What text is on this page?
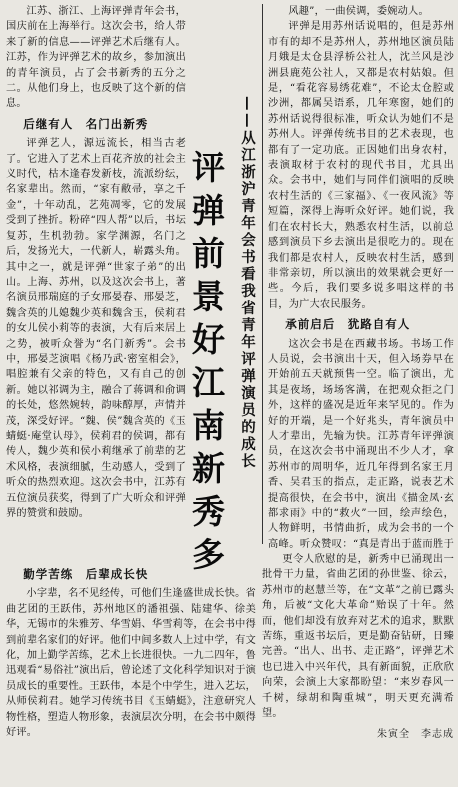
江苏、浙江、上海评弹青年会书，国庆前在上海举行。这次会书，给人带来了新的信息——评弹艺术后继有人。江苏，作为评弹艺术的故乡，参加演出的青年演员，占了会书新秀的五分之二。从他们身上，也反映了这个新的信息。

后继有人　名门出新秀

评弹艺人，源远流长，相当古老了。它进入了艺术上百花齐放的社会主义时代，枯木逢春发新枝，流派纷纭，名家辈出。然而，“家有敝帚，享之千金”，十年动乱，艺苑凋零，它的发展受到了挫折。粉碎“四人帮”以后，书坛复苏，生机勃勃。家学渊源，名门之后，发扬光大，一代新人，崭露头角。其中之一，就是评弹“世家子弟”的出山。上海、苏州，以及这次会书上，著名演员邢瑞庭的子女邢晏春、邢晏芝，魏含英的儿媳魏少英和魏含玉，侯莉君的女儿侯小莉等的表演，大有后来居上之势，被听众誉为“名门新秀”。会书中，邢晏芝演唱《杨乃武·密室相会》，唱腔兼有父亲的特色，又有自己的创新。她以祁调为主，融合了蒋调和俞调的长处，悠然婉转，韵味醇厚，声情并茂，深受好评。“魏、侯”魏含英的《玉蜻蜓·庵堂认母》，侯莉君的侯调，都有传人，魏少英和侯小莉继承了前辈的艺术风格，表演细腻，生动感人，受到了听众的热烈欢迎。这次会书中，江苏有五位演员获奖，得到了广大听众和评弹界的赞赏和鼓励。	评弹前景好江南新秀多 ——从江浙沪青年会书看我省青年评弹演员的成长

风趣”，一曲侯调，委婉动人。

评弹是用苏州话说唱的，但是苏州市有的却不是苏州人，苏州地区演员陆月娥是太仓县浮桥公社人，沈兰风是沙洲县鹿苑公社人，又都是农村姑娘。但是，“看花容易绣花难”，不论太仓腔或沙洲，都属吴语系，几年寒窗，她们的苏州话说得很标准，听众认为她们不是苏州人。评弹传统书目的艺术表现，也都有了一定功底。正因她们出身农村，表演取材于农村的现代书目，尤具出众。会书中，她们与同伴们演唱的反映农村生活的《三家福》、《一夜风流》等短篇，深得上海听众好评。她们说，我们在农村长大，熟悉农村生活，以前总感到演员下乡去演出是很吃力的。现在我们都是农村人，反映农村生活，感到非常亲切，所以演出的效果就会更好一些。今后，我们要多说多唱这样的书目，为广大农民服务。

承前启后　犹路自有人

这次会书是在西藏书场。书场工作人员说，会书演出十天，但入场券早在开始前五天就预售一空。临了演出，尤其是夜场，场场客满，在把观众拒之门外，这样的盛况是近年来罕见的。作为好的开端，是一个好兆头，青年演员中人才辈出，先输为快。江苏青年评弹演员，在这次会书中涌现出不少人才，拿苏州市的周明华，近几年得到名家王月香、吴君玉的指点，走正路，说表艺术提高很快，在会书中，演出《描金凤·玄都求雨》中的“救火”一回，绘声绘色，人物鲜明，书情曲折，成为会书的一个高峰。听众赞叹：“真是青出于蓝而胜于

勤学苦练　后辈成长快

小字辈，名不见经传，可他们生逢盛世成长快。省曲艺团的王跃伟，苏州地区的潘祖强、陆建华、徐美华，无锡市的朱雅芳、华雪娟、华雪莉等，在会书中得到前辈名家们的好评。他们中间多数人上过中学，有文化，加上勤学苦练，艺术上长进很快。一九二四年，鲁迅观看“易俗社”演出后，曾论述了文化科学知识对于演员成长的重要性。王跃伟，本是个中学生，进入艺坛，从师侯莉君。她学习传统书目《玉蜻蜓》，注意研究人物性格，塑造人物形象，表演层次分明，在会书中颇得好评。

更令人欣慰的是，新秀中已涌现出一批骨干力量，省曲艺团的孙世鉴、徐云，苏州市的赵慧兰等，在“文革”之前已露头角，后被“文化大革命”贻误了十年。然而，他们却没有放弃对艺术的追求，默默苦练，重返书坛后，更是勤奋钻研，日臻完善。“出人、出书、走正路”，评弹艺术也已进入中兴年代，具有新面貌，正欣欣向荣，会演上大家都盼望：“来岁春风一千树，绿胡和陶重城”，明天更充满希望。

朱寅全　李志成
